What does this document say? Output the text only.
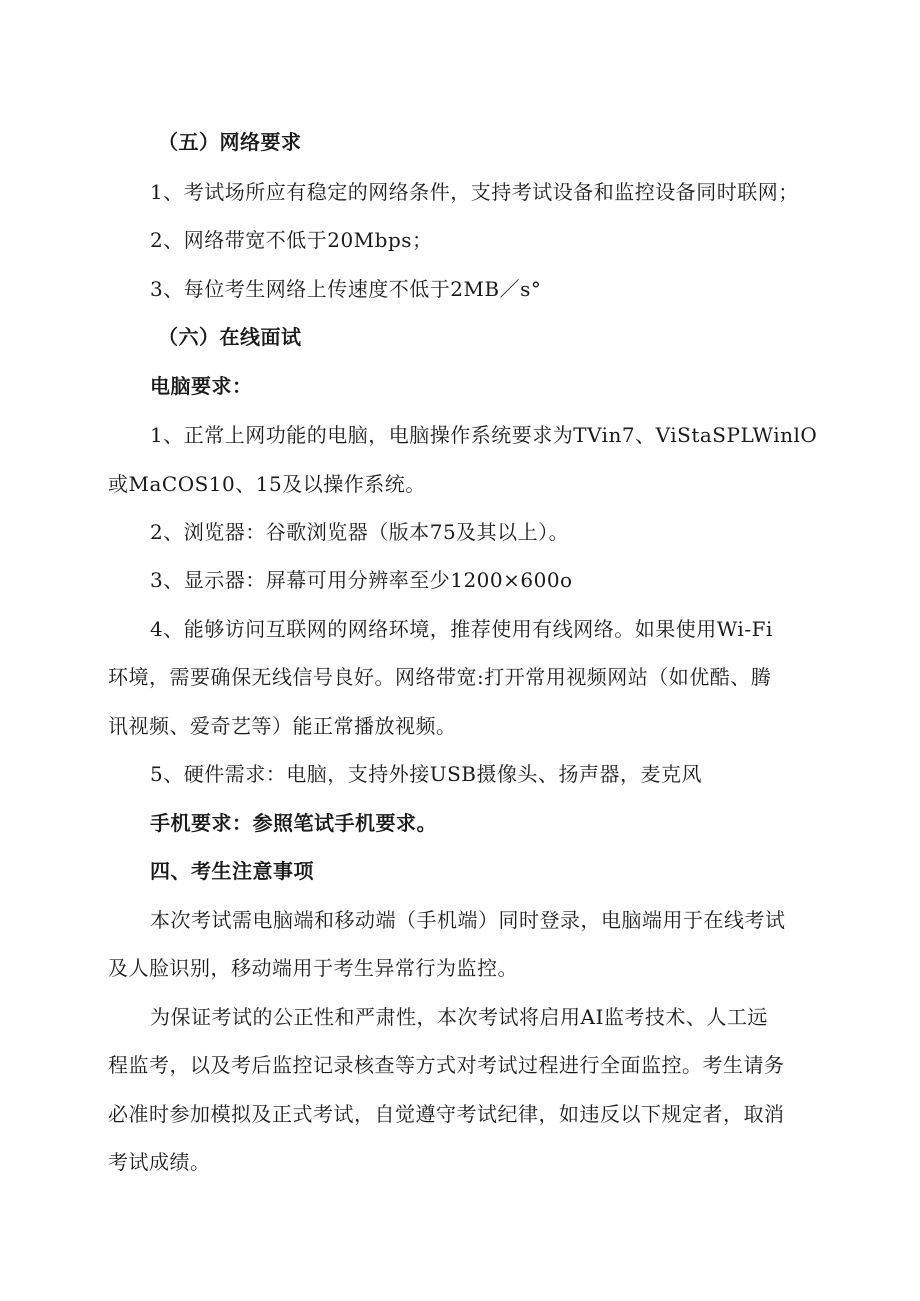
（五）网络要求
1、考试场所应有稳定的网络条件，支持考试设备和监控设备同时联网；
2、网络带宽不低于20Mbps；
3、每位考生网络上传速度不低于2MB／s°
（六）在线面试
电脑要求：
1、正常上网功能的电脑，电脑操作系统要求为TVin7、ViStaSPLWinlO
或MaCOS10、15及以操作系统。
2、浏览器：谷歌浏览器（版本75及其以上）。
3、显示器：屏幕可用分辨率至少1200×600o
4、能够访问互联网的网络环境，推荐使用有线网络。如果使用Wi-Fi
环境，需要确保无线信号良好。网络带宽:打开常用视频网站（如优酷、腾
讯视频、爱奇艺等）能正常播放视频。
5、硬件需求：电脑，支持外接USB摄像头、扬声器，麦克风
手机要求：参照笔试手机要求。
四、考生注意事项
本次考试需电脑端和移动端（手机端）同时登录，电脑端用于在线考试
及人脸识别，移动端用于考生异常行为监控。
为保证考试的公正性和严肃性，本次考试将启用AI监考技术、人工远
程监考，以及考后监控记录核查等方式对考试过程进行全面监控。考生请务
必准时参加模拟及正式考试，自觉遵守考试纪律，如违反以下规定者，取消
考试成绩。
